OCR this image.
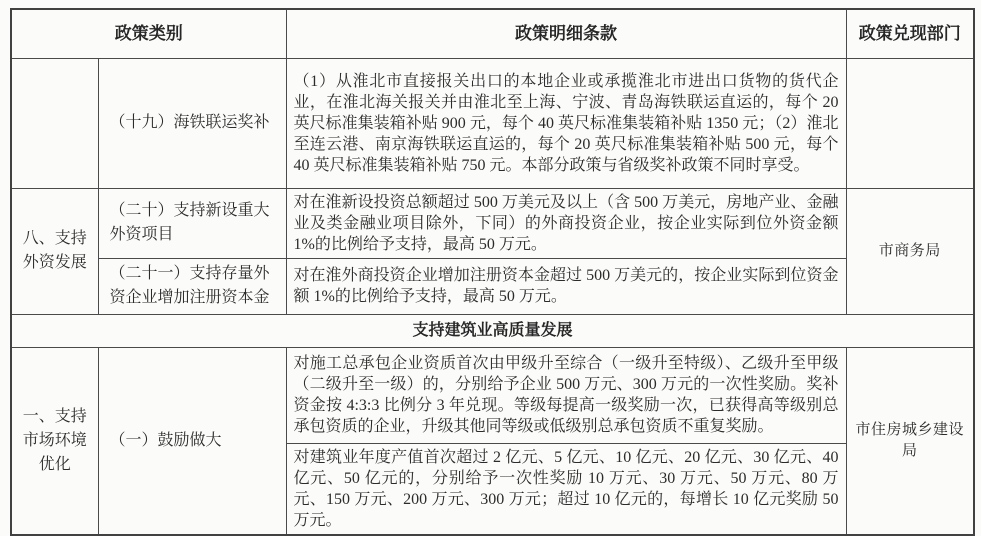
政策类别		政策明细条款	政策兑现部门
	（十九）海铁联运奖补	（1）从淮北市直接报关出口的本地企业或承揽淮北市进出口货物的货代企业，在淮北海关报关并由淮北至上海、宁波、青岛海铁联运直运的，每个 20 英尺标准集装箱补贴 900 元，每个 40 英尺标准集装箱补贴 1350 元；（2）淮北至连云港、南京海铁联运直运的，每个 20 英尺标准集装箱补贴 500 元，每个 40 英尺标准集装箱补贴 750 元。本部分政策与省级奖补政策不同时享受。	
八、支持外资发展	（二十）支持新设重大外资项目	对在淮新设投资总额超过 500 万美元及以上（含 500 万美元，房地产业、金融业及类金融业项目除外，下同）的外商投资企业，按企业实际到位外资金额 1%的比例给予支持，最高 50 万元。	市商务局
	（二十一）支持存量外资企业增加注册资本金	对在淮外商投资企业增加注册资本金超过 500 万美元的，按企业实际到位资金额 1%的比例给予支持，最高 50 万元。	
支持建筑业高质量发展			
一、支持市场环境优化	（一）鼓励做大	对施工总承包企业资质首次由甲级升至综合（一级升至特级）、乙级升至甲级（二级升至一级）的，分别给予企业 500 万元、300 万元的一次性奖励。奖补资金按 4:3:3 比例分 3 年兑现。等级每提高一级奖励一次，已获得高等级别总承包资质的企业，升级其他同等级或低级别总承包资质不重复奖励。	市住房城乡建设局
		对建筑业年度产值首次超过 2 亿元、5 亿元、10 亿元、20 亿元、30 亿元、40 亿元、50 亿元的，分别给予一次性奖励 10 万元、30 万元、50 万元、80 万元、150 万元、200 万元、300 万元；超过 10 亿元的，每增长 10 亿元奖励 50 万元。	
